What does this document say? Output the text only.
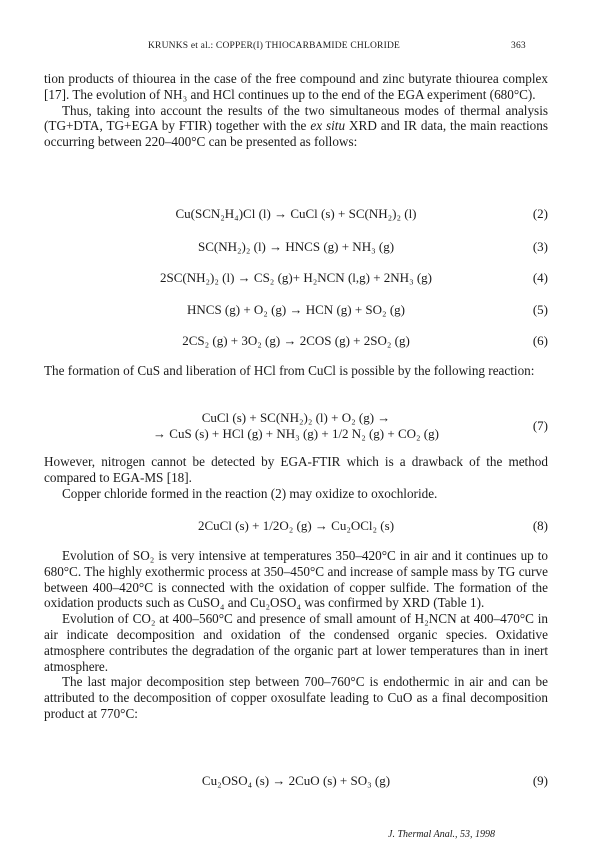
KRUNKS et al.: COPPER(I) THIOCARBAMIDE CHLORIDE	363

tion products of thiourea in the case of the free compound and zinc butyrate thiourea complex [17]. The evolution of NH₃ and HCl continues up to the end of the EGA experiment (680°C).

Thus, taking into account the results of the two simultaneous modes of thermal analysis (TG+DTA, TG+EGA by FTIR) together with the ex situ XRD and IR data, the main reactions occurring between 220–400°C can be presented as follows:

Cu(SCN₂H₄)Cl (l) → CuCl (s) + SC(NH₂)₂ (l)	(2)
SC(NH₂)₂ (l) → HNCS (g) + NH₃ (g)	(3)
2SC(NH₂)₂ (l) → CS₂ (g)+ H₂NCN (l,g) + 2NH₃ (g)	(4)
HNCS (g) + O₂ (g) → HCN (g) + SO₂ (g)	(5)
2CS₂ (g) + 3O₂ (g) → 2COS (g) + 2SO₂ (g)	(6)

The formation of CuS and liberation of HCl from CuCl is possible by the following reaction:

CuCl (s) + SC(NH₂)₂ (l) + O₂ (g) →
→ CuS (s) + HCl (g) + NH₃ (g) + 1/2 N₂ (g) + CO₂ (g)
(7)

However, nitrogen cannot be detected by EGA-FTIR which is a drawback of the method compared to EGA-MS [18].

Copper chloride formed in the reaction (2) may oxidize to oxochloride.

2CuCl (s) + 1/2O₂ (g) → Cu₂OCl₂ (s)	(8)

Evolution of SO₂ is very intensive at temperatures 350–420°C in air and it continues up to 680°C. The highly exothermic process at 350–450°C and increase of sample mass by TG curve between 400–420°C is connected with the oxidation of copper sulfide. The formation of the oxidation products such as CuSO₄ and Cu₂OSO₄ was confirmed by XRD (Table 1).

Evolution of CO₂ at 400–560°C and presence of small amount of H₂NCN at 400–470°C in air indicate decomposition and oxidation of the condensed organic species. Oxidative atmosphere contributes the degradation of the organic part at lower temperatures than in inert atmosphere.

The last major decomposition step between 700–760°C is endothermic in air and can be attributed to the decomposition of copper oxosulfate leading to CuO as a final decomposition product at 770°C:

Cu₂OSO₄ (s) → 2CuO (s) + SO₃ (g)	(9)
J. Thermal Anal., 53, 1998
